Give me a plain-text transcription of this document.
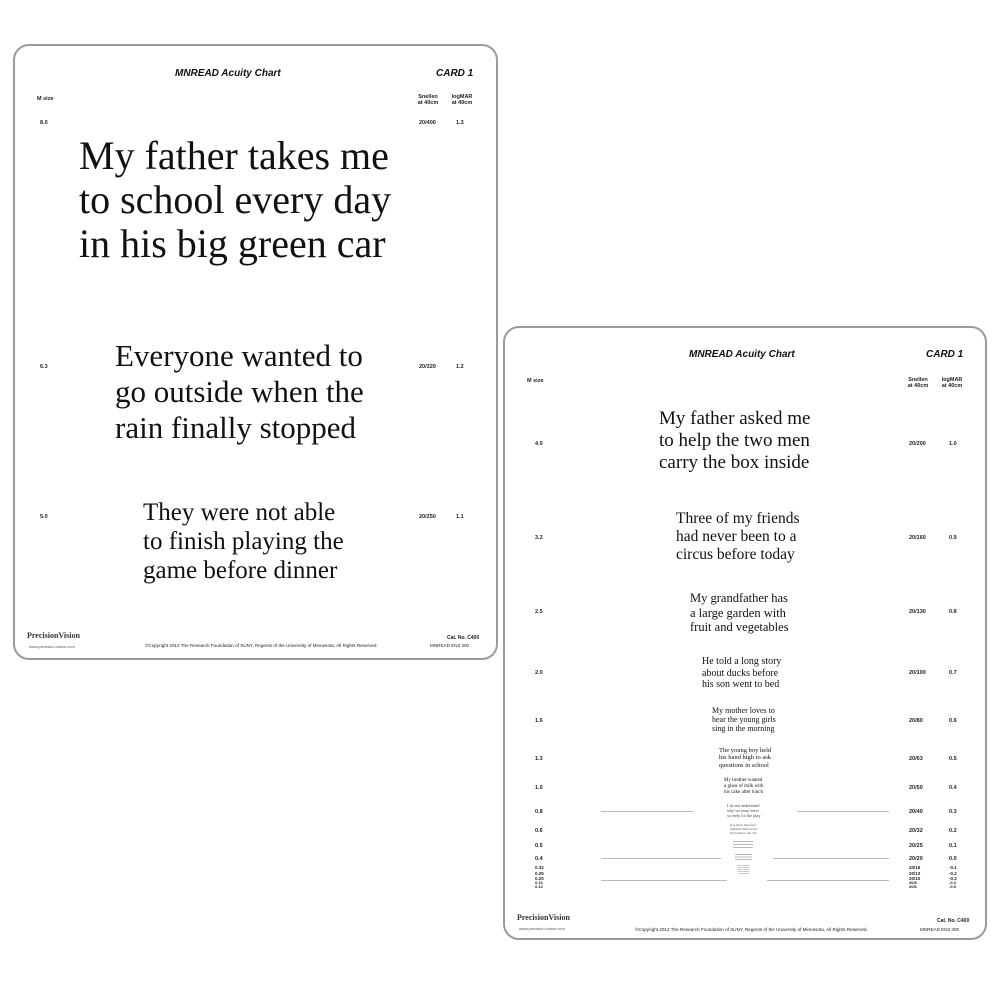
MNREAD Acuity Chart	CARD 1
M size	Snellen
at 40cm
logMAR
at 40cm
8.0	20/400	1.3
My father takes me
to school every day
in his big green car
6.3	20/320	1.2
Everyone wanted to
go outside when the
rain finally stopped
5.0	20/250	1.1
They were not able
to finish playing the
game before dinner
PrecisionVision
www.precision-vision.com	©Copyright 2012 The Research Foundation of SUNY, Regents of the University of Minnesota, All Rights Reserved.
Cat. No. C400
MNREAD EN3 300
MNREAD Acuity Chart	CARD 1
M size	Snellen
at 40cm
logMAR
at 40cm
4.0	20/200	1.0
My father asked me
to help the two men
carry the box inside
3.2	20/160	0.9
Three of my friends
had never been to a
circus before today
2.5	20/130	0.8
My grandfather has
a large garden with
fruit and vegetables
2.0	20/100	0.7
He told a long story
about ducks before
his son went to bed
1.6	20/80	0.6
My mother loves to
hear the young girls
sing in the morning
1.3	20/63	0.5
The young boy held
his hand high to ask
questions in school
1.0	20/50	0.4
My brother wanted
a glass of milk with
his cake after lunch
0.8	20/40	0.3
I do not understand
why we must leave
so early for the play
0.6	20/32	0.2
It is more than five
hundred miles from
my home to the city
0.5	20/25	0.1
0.4	20/20	0.0
0.32	20/16	-0.1
0.25	20/13	-0.2
0.20	20/10	-0.3
0.16	20/8	-0.4
0.13	20/6	-0.5
PrecisionVision
www.precision-vision.com	©Copyright 2012 The Research Foundation of SUNY, Regents of the University of Minnesota, All Rights Reserved.
Cat. No. C400
MNREAD EN3 300
